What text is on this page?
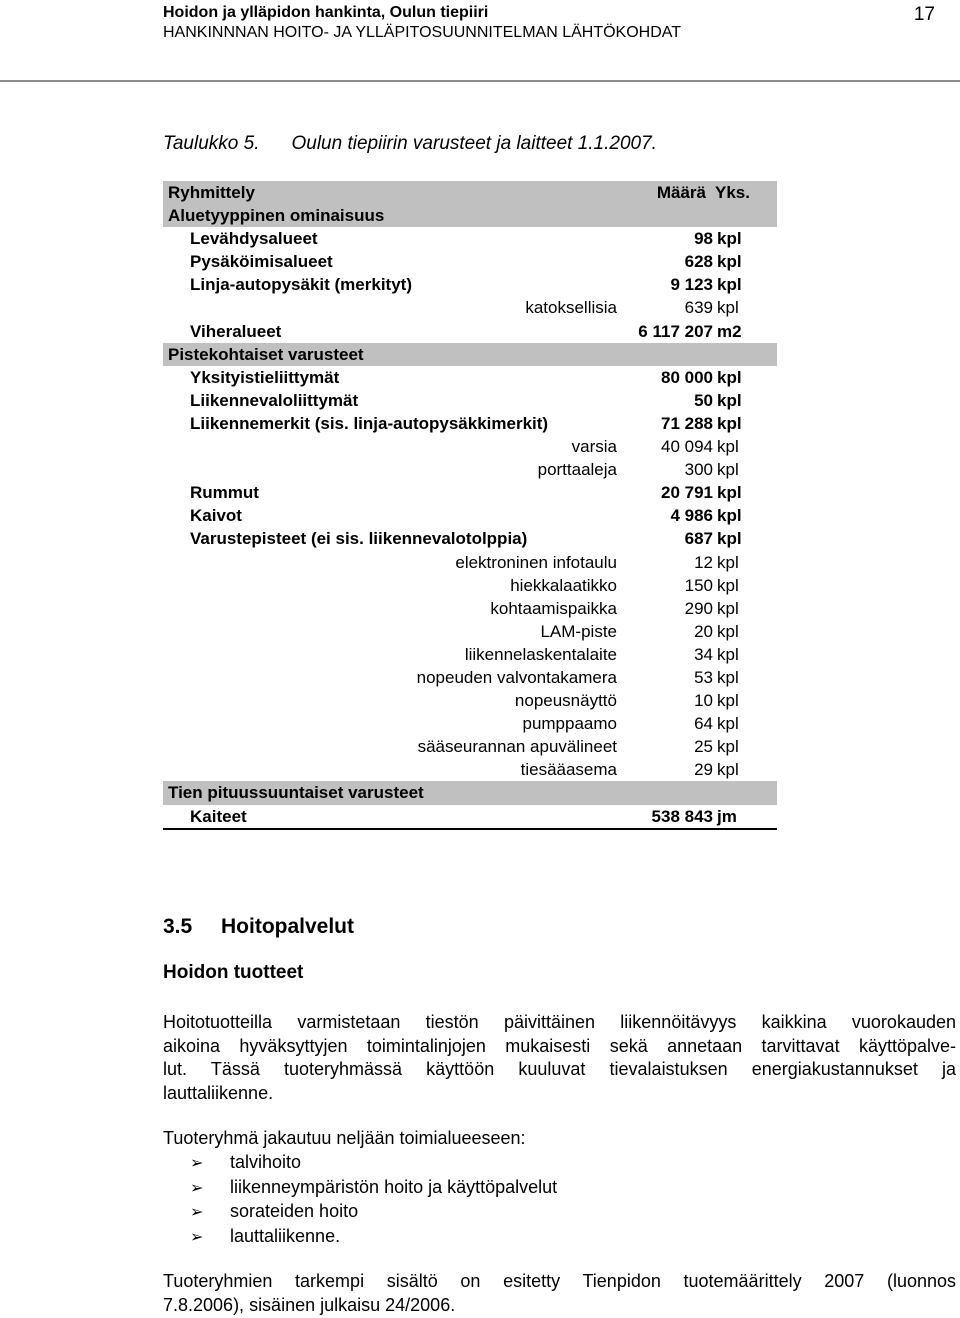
Hoidon ja ylläpidon hankinta, Oulun tiepiiri
HANKINNNAN HOITO- JA YLLÄPITOSUUNNITELMAN LÄHTÖKOHDAT
17
Taulukko 5. Oulun tiepiirin varusteet ja laitteet 1.1.2007.
Ryhmittely	Määrä Yks.
Aluetyyppinen ominaisuus
Levähdysalueet	98 kpl
Pysäköimisalueet	628 kpl
Linja-autopysäkit (merkityt)	9 123 kpl
katoksellisia	639 kpl
Viheralueet	6 117 207 m2
Pistekohtaiset varusteet
Yksityistieliittymät	80 000 kpl
Liikennevaloliittymät	50 kpl
Liikennemerkit (sis. linja-autopysäkkimerkit)	71 288 kpl
varsia	40 094 kpl
porttaaleja	300 kpl
Rummut	20 791 kpl
Kaivot	4 986 kpl
Varustepisteet (ei sis. liikennevalotolppia)	687 kpl
elektroninen infotaulu	12 kpl
hiekkalaatikko	150 kpl
kohtaamispaikka	290 kpl
LAM-piste	20 kpl
liikennelaskentalaite	34 kpl
nopeuden valvontakamera	53 kpl
nopeusnäyttö	10 kpl
pumppaamo	64 kpl
sääseurannan apuvälineet	25 kpl
tiesääasema	29 kpl
Tien pituussuuntaiset varusteet
Kaiteet	538 843 jm
3.5 Hoitopalvelut
Hoidon tuotteet
Hoitotuotteilla varmistetaan tiestön päivittäinen liikennöitävyys kaikkina vuorokauden
aikoina hyväksyttyjen toimintalinjojen mukaisesti sekä annetaan tarvittavat käyttöpalve-
lut. Tässä tuoteryhmässä käyttöön kuuluvat tievalaistuksen energiakustannukset ja
lauttaliikenne.
Tuoteryhmä jakautuu neljään toimialueeseen:
➢ talvihoito
➢ liikenneympäristön hoito ja käyttöpalvelut
➢ sorateiden hoito
➢ lauttaliikenne.
Tuoteryhmien tarkempi sisältö on esitetty Tienpidon tuotemäärittely 2007 (luonnos
7.8.2006), sisäinen julkaisu 24/2006.
